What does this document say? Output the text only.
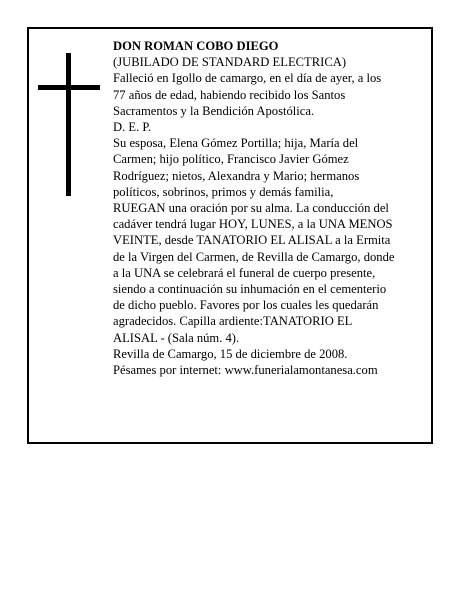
DON ROMAN COBO DIEGO
(JUBILADO DE STANDARD ELECTRICA)
Falleció en Igollo de camargo, en el día de ayer, a los
77 años de edad, habiendo recibido los Santos
Sacramentos y la Bendición Apostólica.
D. E. P.
Su esposa, Elena Gómez Portilla; hija, María del
Carmen; hijo político, Francisco Javier Gómez
Rodríguez; nietos, Alexandra y Mario; hermanos
políticos, sobrinos, primos y demás familia,
RUEGAN una oración por su alma. La conducción del
cadáver tendrá lugar HOY, LUNES, a la UNA MENOS
VEINTE, desde TANATORIO EL ALISAL a la Ermita
de la Virgen del Carmen, de Revilla de Camargo, donde
a la UNA se celebrará el funeral de cuerpo presente,
siendo a continuación su inhumación en el cementerio
de dicho pueblo. Favores por los cuales les quedarán
agradecidos. Capilla ardiente:TANATORIO EL
ALISAL - (Sala núm. 4).
Revilla de Camargo, 15 de diciembre de 2008.
Pésames por internet: www.funerialamontanesa.com
